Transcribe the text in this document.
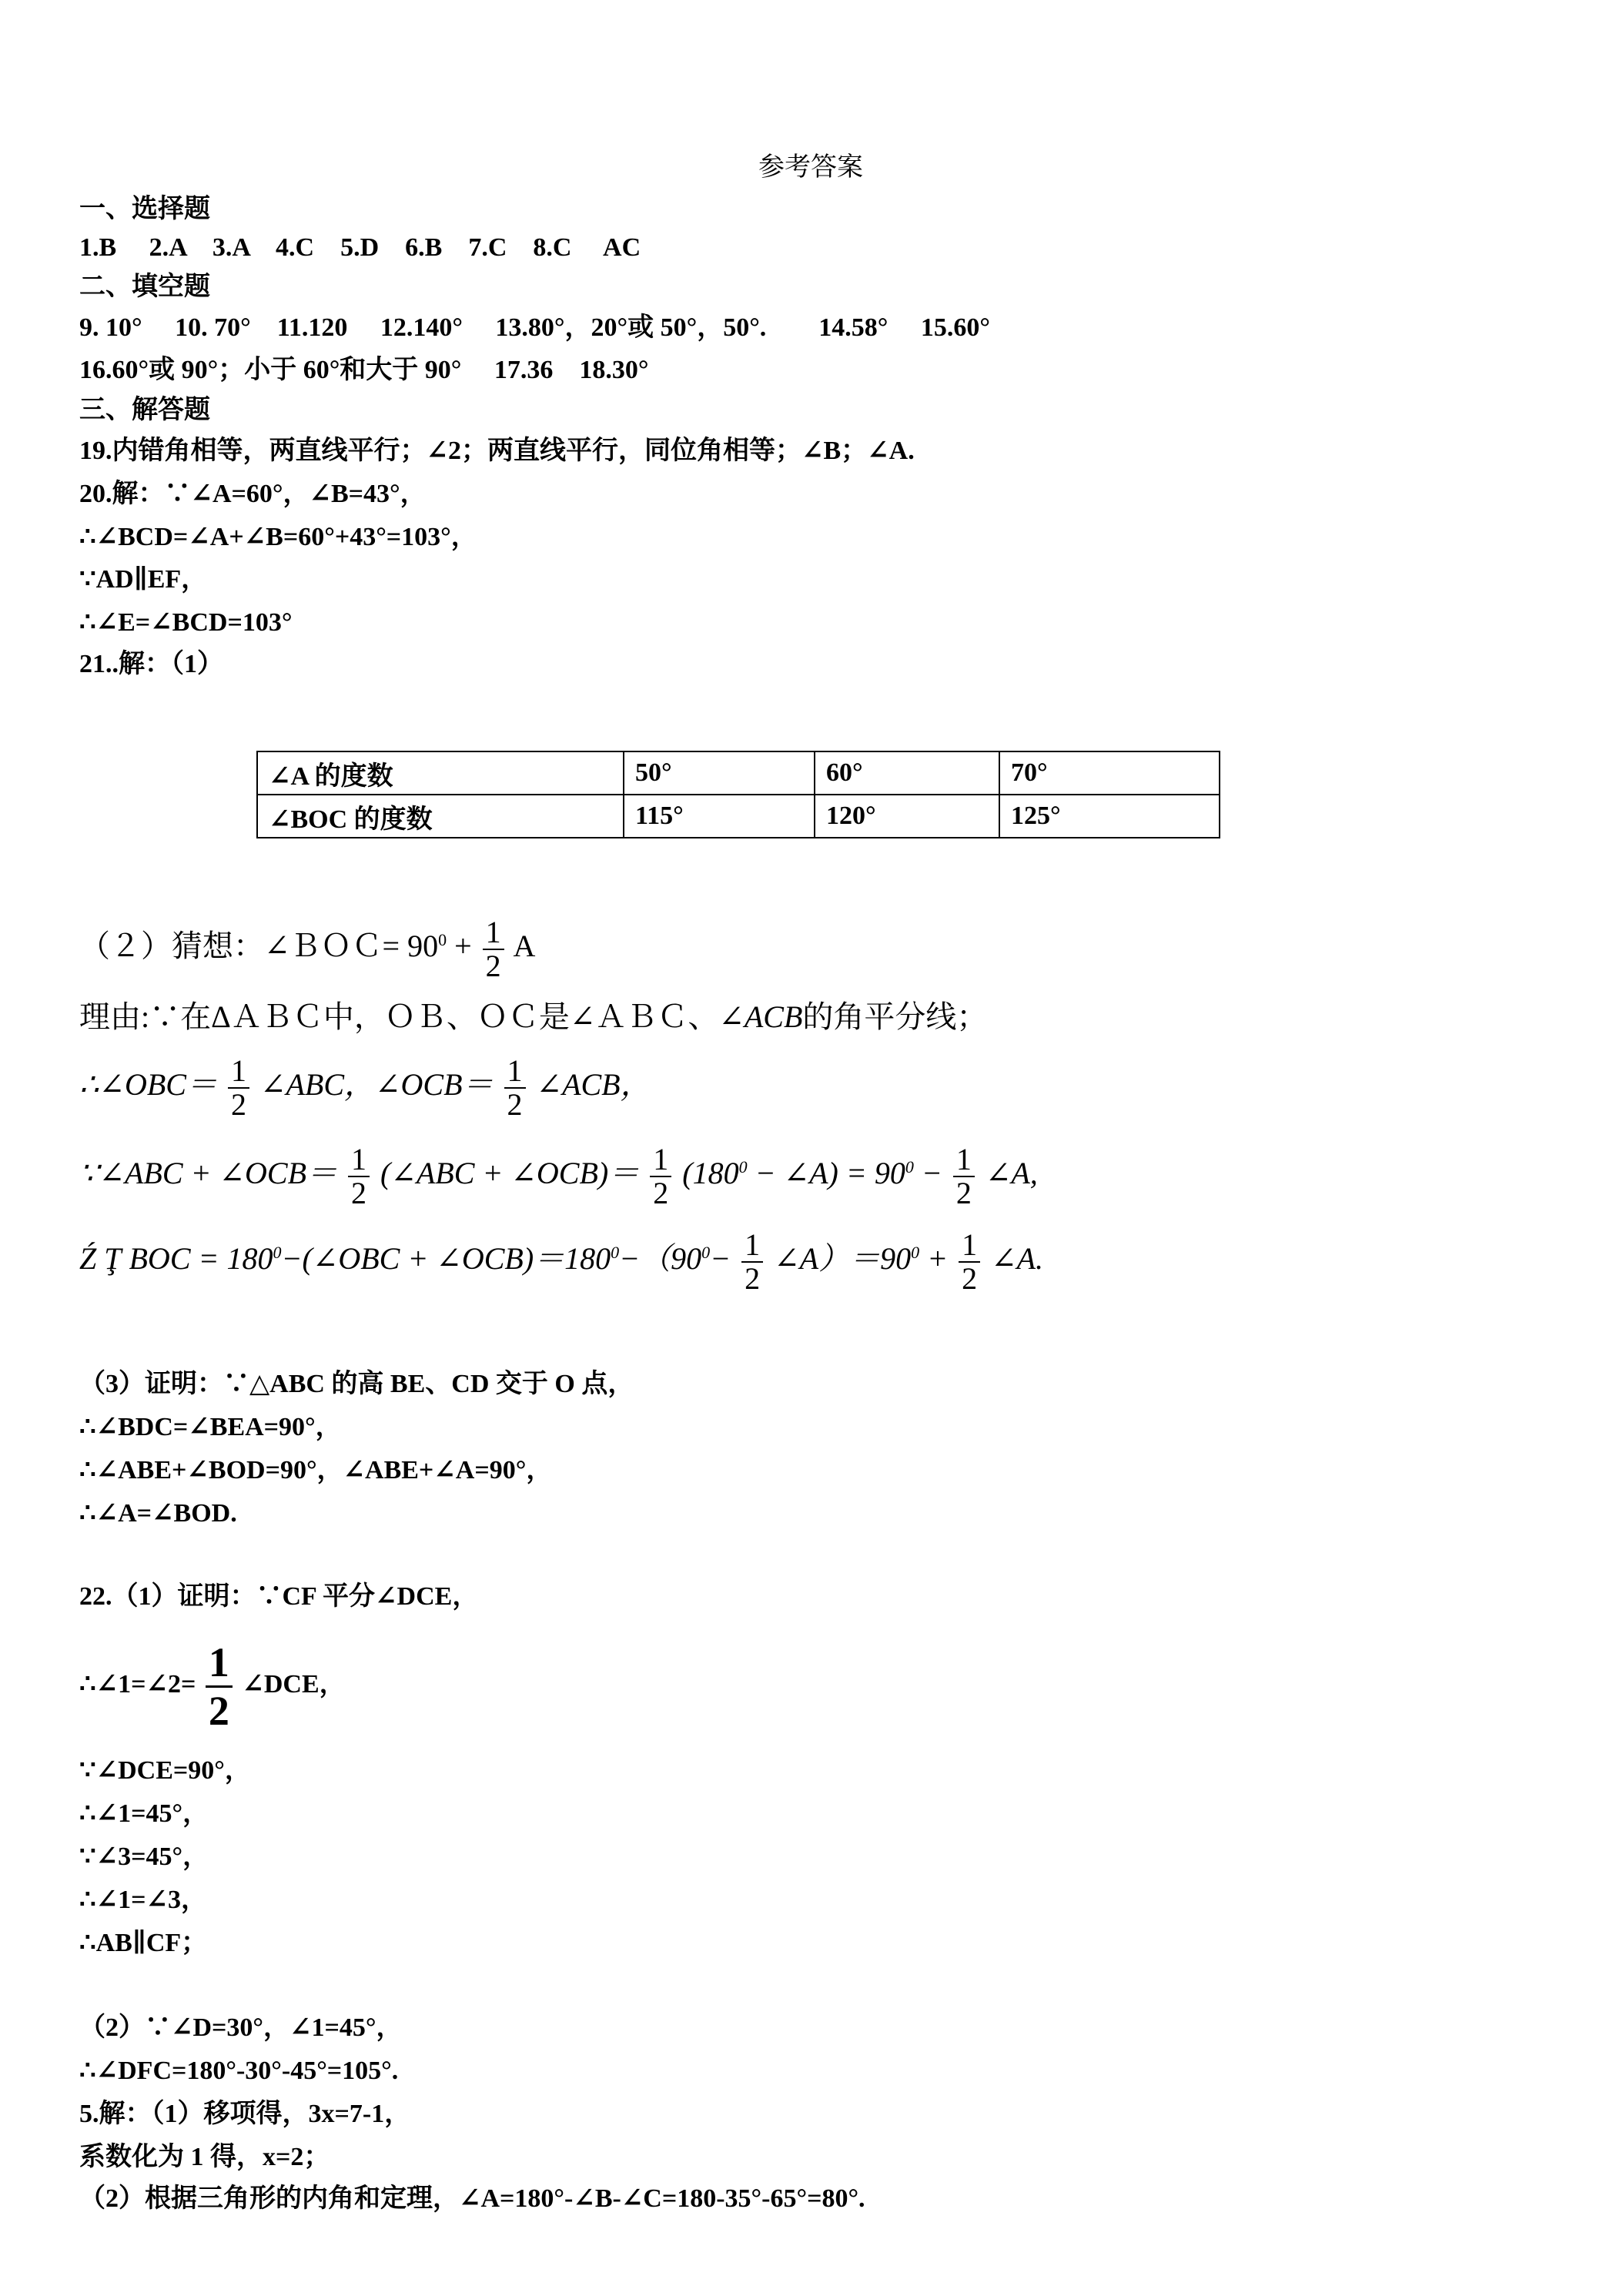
参考答案
一、选择题
1.B 　2.A　3.A　4.C　5.D　6.B　7.C　8.C　 AC
二、填空题
9. 10°　 10. 70°　11.120　 12.140°　 13.80°，20°或 50°，50°.　　14.58°　 15.60°
16.60°或 90°；小于 60°和大于 90°　 17.36　18.30°
三、解答题
19.内错角相等，两直线平行；∠2；两直线平行，同位角相等；∠B；∠A.
20.解：∵∠A=60°，∠B=43°，
∴∠BCD=∠A+∠B=60°+43°=103°，
∵AD∥EF，
∴∠E=∠BCD=103°
21..解：（1）
∠A 的度数	50°	60°	70°
∠BOC 的度数	115°	120°	125°
（２）猜想：∠ＢＯＣ= $90^0 + \frac{1}{2}$ A
理由:∵在ΔＡＢＣ中，ＯＢ、ＯＣ是∠ＡＢＣ、∠ACB的角平分线；
∴∠OBC＝ $\frac{1}{2}$ ∠ABC，∠OCB＝ $\frac{1}{2}$ ∠ACB，
∵∠ABC + ∠OCB＝ $\frac{1}{2}$ (∠ABC + ∠OCB)＝ $\frac{1}{2} (180^0$ − ∠A) = $90^0 - \frac{1}{2}$ ∠A,
Ź Ţ BOC = $180^0-(\angle OBC$ + $\angle OCB)=180^0-(90^0- \frac{1}{2}$ $\angle A)=90^0 + \frac{1}{2}$ ∠A.
（3）证明：∵△ABC 的高 BE、CD 交于 O 点，
∴∠BDC=∠BEA=90°，
∴∠ABE+∠BOD=90°，∠ABE+∠A=90°，
∴∠A=∠BOD.
22.（1）证明：∵CF 平分∠DCE，
∴∠1=∠2= $\frac{1}{2}$ ∠DCE，
∵∠DCE=90°，
∴∠1=45°，
∵∠3=45°，
∴∠1=∠3，
∴AB∥CF；
（2）∵∠D=30°，∠1=45°，
∴∠DFC=180°-30°-45°=105°.
5.解：（1）移项得，3x=7-1，
系数化为 1 得，x=2；
（2）根据三角形的内角和定理，∠A=180°-∠B-∠C=180-35°-65°=80°.
